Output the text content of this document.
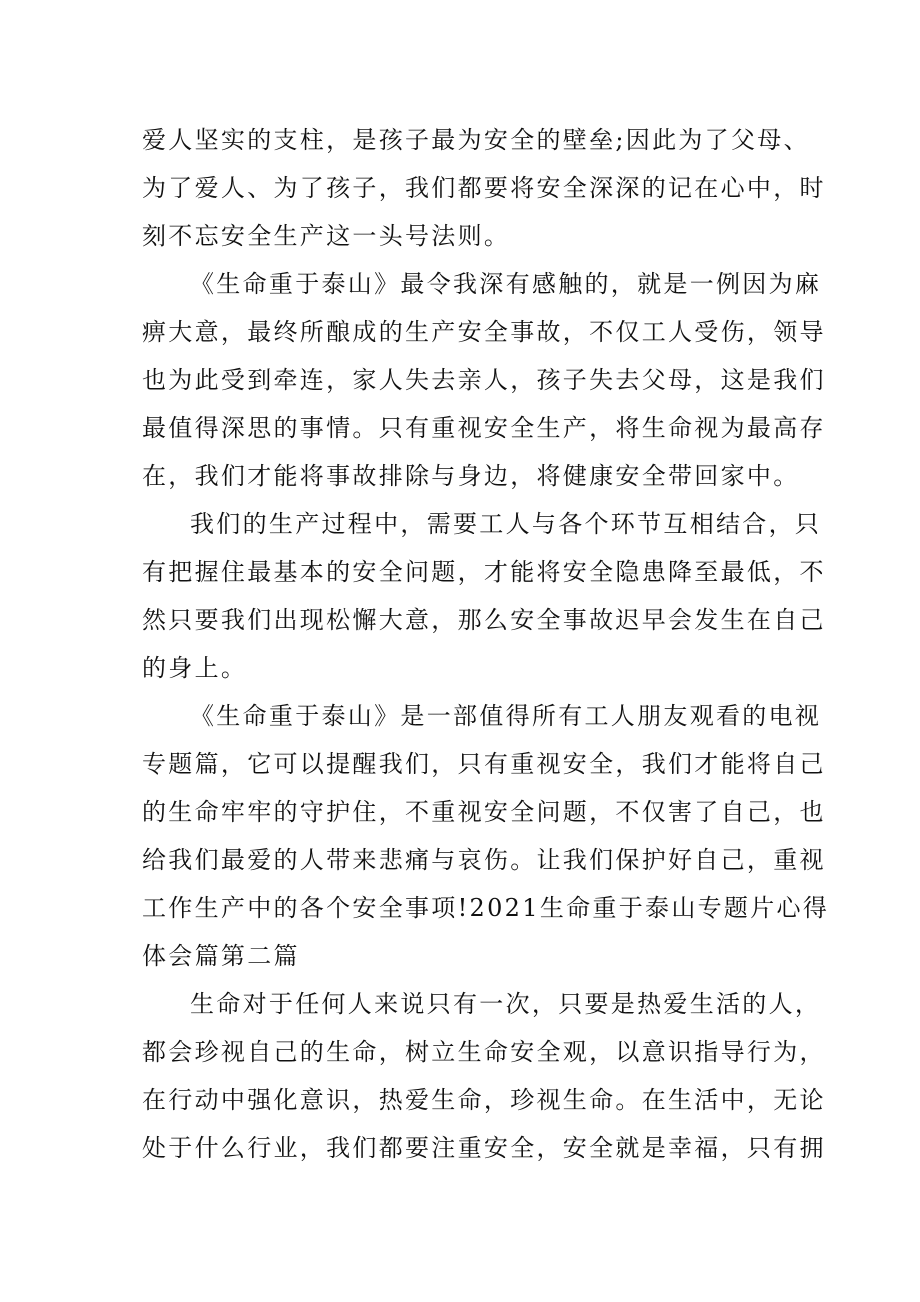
爱人坚实的支柱，是孩子最为安全的壁垒;因此为了父母、
为了爱人、为了孩子，我们都要将安全深深的记在心中，时
刻不忘安全生产这一头号法则。
《生命重于泰山》最令我深有感触的，就是一例因为麻
痹大意，最终所酿成的生产安全事故，不仅工人受伤，领导
也为此受到牵连，家人失去亲人，孩子失去父母，这是我们
最值得深思的事情。只有重视安全生产，将生命视为最高存
在，我们才能将事故排除与身边，将健康安全带回家中。
我们的生产过程中，需要工人与各个环节互相结合，只
有把握住最基本的安全问题，才能将安全隐患降至最低，不
然只要我们出现松懈大意，那么安全事故迟早会发生在自己
的身上。
《生命重于泰山》是一部值得所有工人朋友观看的电视
专题篇，它可以提醒我们，只有重视安全，我们才能将自己
的生命牢牢的守护住，不重视安全问题，不仅害了自己，也
给我们最爱的人带来悲痛与哀伤。让我们保护好自己，重视
工作生产中的各个安全事项!2021生命重于泰山专题片心得
体会篇第二篇
生命对于任何人来说只有一次，只要是热爱生活的人，
都会珍视自己的生命，树立生命安全观，以意识指导行为，
在行动中强化意识，热爱生命，珍视生命。在生活中，无论
处于什么行业，我们都要注重安全，安全就是幸福，只有拥
